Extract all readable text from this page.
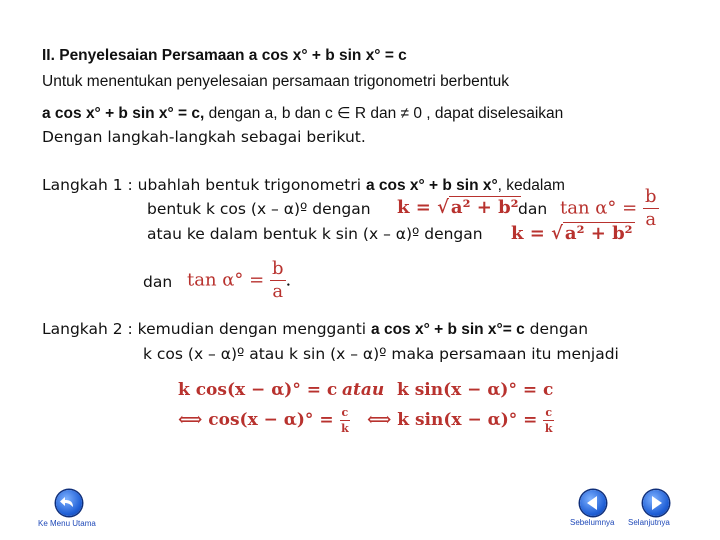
II. Penyelesaian Persamaan a cos x° + b sin x° = c
Untuk menentukan penyelesaian persamaan trigonometri berbentuk
a cos x° + b sin x° = c, dengan a, b dan c ∈ R dan ≠ 0 , dapat diselesaikan
Dengan langkah-langkah sebagai berikut.
Langkah 1 : ubahlah bentuk trigonometri a cos x° + b sin x°, kedalam
$\tan \alpha^\circ = \frac{b}{a}$
bentuk k cos (x – α)º dengan k = √ a² + b² dan
atau ke dalam bentuk k sin (x – α)º dengan k = √ a² + b²
dan $\tan \alpha^\circ = \frac{b}{a}$ .
Langkah 2 : kemudian dengan mengganti a cos x° + b sin x°= c dengan
k cos (x – α)º atau k sin (x – α)º maka persamaan itu menjadi
k cos(x − α)° = c atau k sin(x − α)° = c
⟺ $\cos(x - \alpha)^\circ = \frac{c}{k}$ ⟺ k $\sin(x - \alpha)^\circ = \frac{c}{k}$
Ke Menu Utama	Sebelumnya Selanjutnya
